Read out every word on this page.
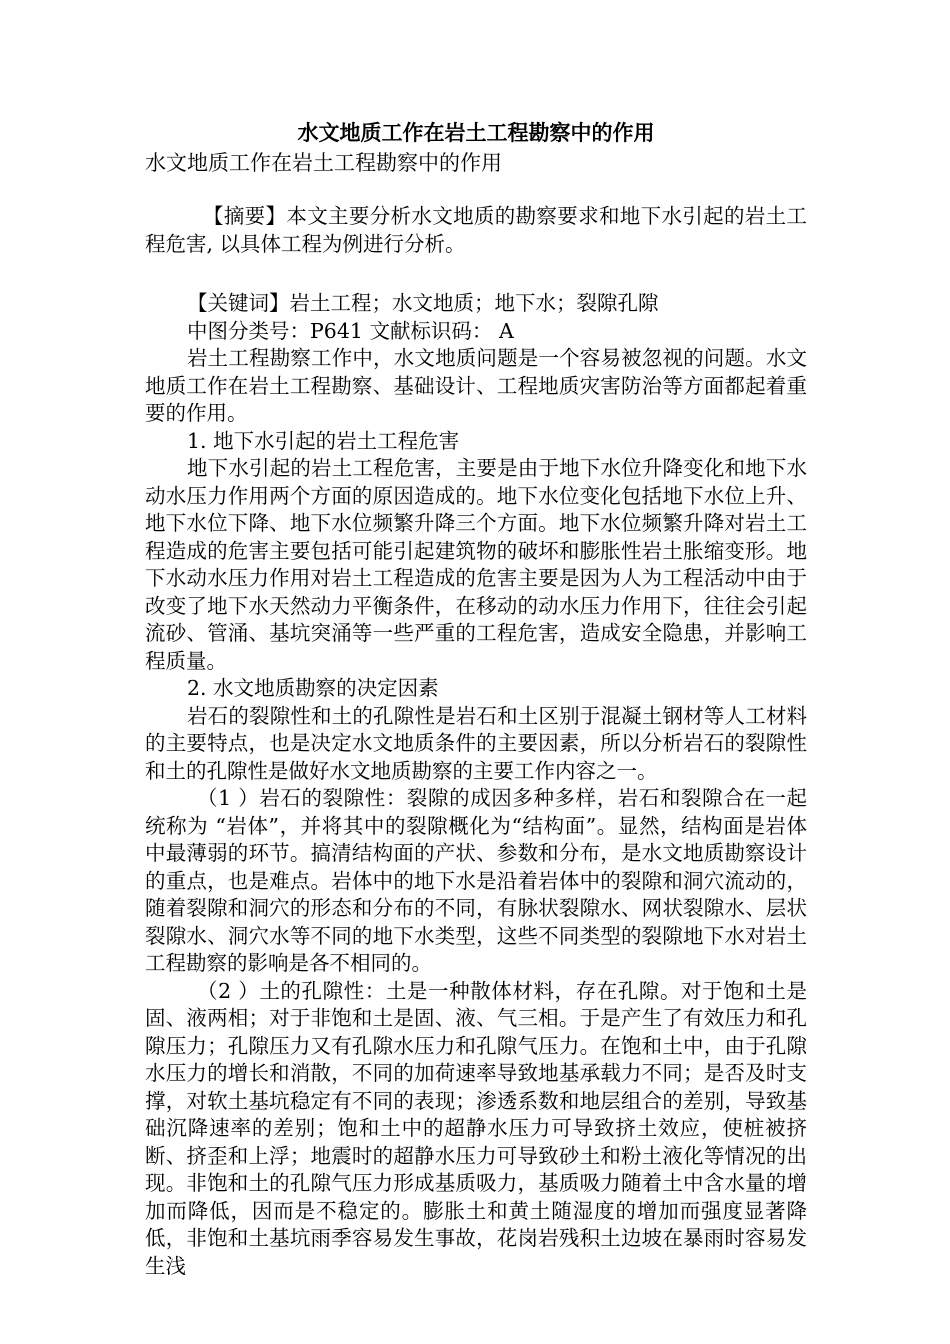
水文地质工作在岩土工程勘察中的作用

水文地质工作在岩土工程勘察中的作用

【摘要】本文主要分析水文地质的勘察要求和地下水引起的岩土工程危害, 以具体工程为例进行分析。

【关键词】岩土工程；水文地质；地下水；裂隙孔隙

中图分类号：P641 文献标识码： A

岩土工程勘察工作中，水文地质问题是一个容易被忽视的问题。水文地质工作在岩土工程勘察、基础设计、工程地质灾害防治等方面都起着重要的作用。

1. 地下水引起的岩土工程危害

地下水引起的岩土工程危害，主要是由于地下水位升降变化和地下水动水压力作用两个方面的原因造成的。地下水位变化包括地下水位上升、地下水位下降、地下水位频繁升降三个方面。地下水位频繁升降对岩土工程造成的危害主要包括可能引起建筑物的破坏和膨胀性岩土胀缩变形。地下水动水压力作用对岩土工程造成的危害主要是因为人为工程活动中由于改变了地下水天然动力平衡条件，在移动的动水压力作用下，往往会引起流砂、管涌、基坑突涌等一些严重的工程危害，造成安全隐患，并影响工程质量。

2. 水文地质勘察的决定因素

岩石的裂隙性和土的孔隙性是岩石和土区别于混凝土钢材等人工材料的主要特点，也是决定水文地质条件的主要因素，所以分析岩石的裂隙性和土的孔隙性是做好水文地质勘察的主要工作内容之一。

（1 ）岩石的裂隙性：裂隙的成因多种多样，岩石和裂隙合在一起统称为 “岩体”，并将其中的裂隙概化为“结构面”。显然，结构面是岩体中最薄弱的环节。搞清结构面的产状、参数和分布，是水文地质勘察设计的重点，也是难点。岩体中的地下水是沿着岩体中的裂隙和洞穴流动的，随着裂隙和洞穴的形态和分布的不同，有脉状裂隙水、网状裂隙水、层状裂隙水、洞穴水等不同的地下水类型，这些不同类型的裂隙地下水对岩土工程勘察的影响是各不相同的。

（2 ）土的孔隙性：土是一种散体材料，存在孔隙。对于饱和土是固、液两相；对于非饱和土是固、液、气三相。于是产生了有效压力和孔隙压力；孔隙压力又有孔隙水压力和孔隙气压力。在饱和土中，由于孔隙水压力的增长和消散，不同的加荷速率导致地基承载力不同；是否及时支撑，对软土基坑稳定有不同的表现；渗透系数和地层组合的差别，导致基础沉降速率的差别；饱和土中的超静水压力可导致挤土效应，使桩被挤断、挤歪和上浮；地震时的超静水压力可导致砂土和粉土液化等情况的出现。非饱和土的孔隙气压力形成基质吸力，基质吸力随着土中含水量的增加而降低，因而是不稳定的。膨胀土和黄土随湿度的增加而强度显著降低，非饱和土基坑雨季容易发生事故，花岗岩残积土边坡在暴雨时容易发生浅
